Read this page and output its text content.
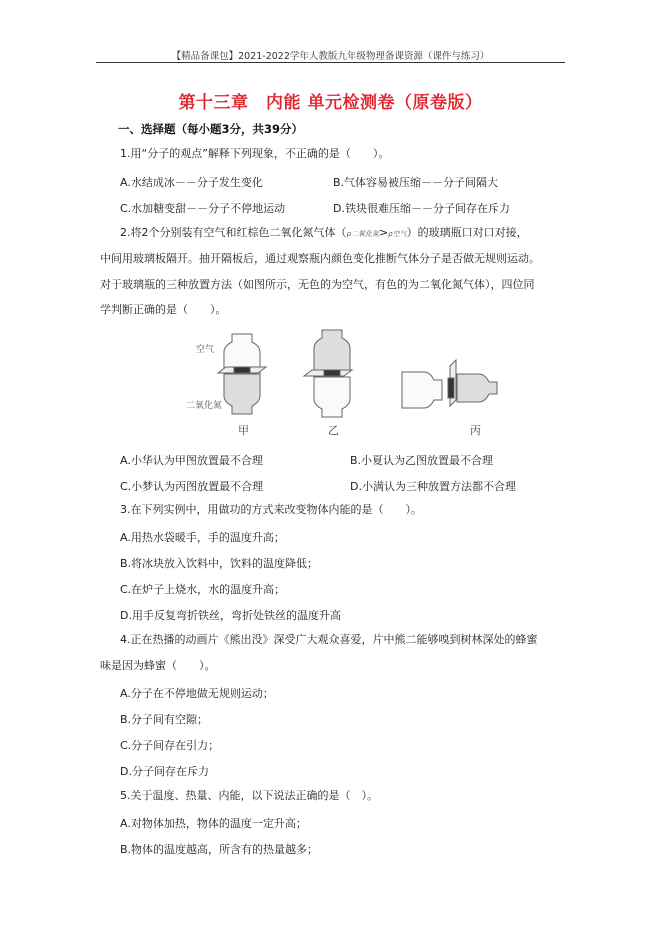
【精品备课包】2021-2022学年人教版九年级物理备课资源（课件与练习）
第十三章　内能 单元检测卷（原卷版）
一、选择题（每小题3分，共39分）
1.用“分子的观点”解释下列现象，不正确的是（　　）。
A.水结成冰－－分子发生变化	B.气体容易被压缩－－分子间隔大
C.水加糖变甜－－分子不停地运动	D.铁块很难压缩－－分子间存在斥力
2.将2个分别装有空气和红棕色二氧化氮气体（ρ二氧化氮>ρ空气）的玻璃瓶口对口对接，
中间用玻璃板隔开。抽开隔板后，通过观察瓶内颜色变化推断气体分子是否做无规则运动。
对于玻璃瓶的三种放置方法（如图所示，无色的为空气，有色的为二氧化氮气体），四位同
学判断正确的是（　　）。
空气
二氧化氮
甲	乙	丙
A.小华认为甲图放置最不合理	B.小夏认为乙图放置最不合理
C.小梦认为丙图放置最不合理	D.小满认为三种放置方法都不合理
3.在下列实例中，用做功的方式来改变物体内能的是（　　）。
A.用热水袋暖手，手的温度升高；
B.将冰块放入饮料中，饮料的温度降低；
C.在炉子上烧水，水的温度升高；
D.用手反复弯折铁丝，弯折处铁丝的温度升高
4.正在热播的动画片《熊出没》深受广大观众喜爱，片中熊二能够嗅到树林深处的蜂蜜
味是因为蜂蜜（　　）。
A.分子在不停地做无规则运动；
B.分子间有空隙；
C.分子间存在引力；
D.分子间存在斥力
5.关于温度、热量、内能，以下说法正确的是（　）。
A.对物体加热，物体的温度一定升高；
B.物体的温度越高，所含有的热量越多；
